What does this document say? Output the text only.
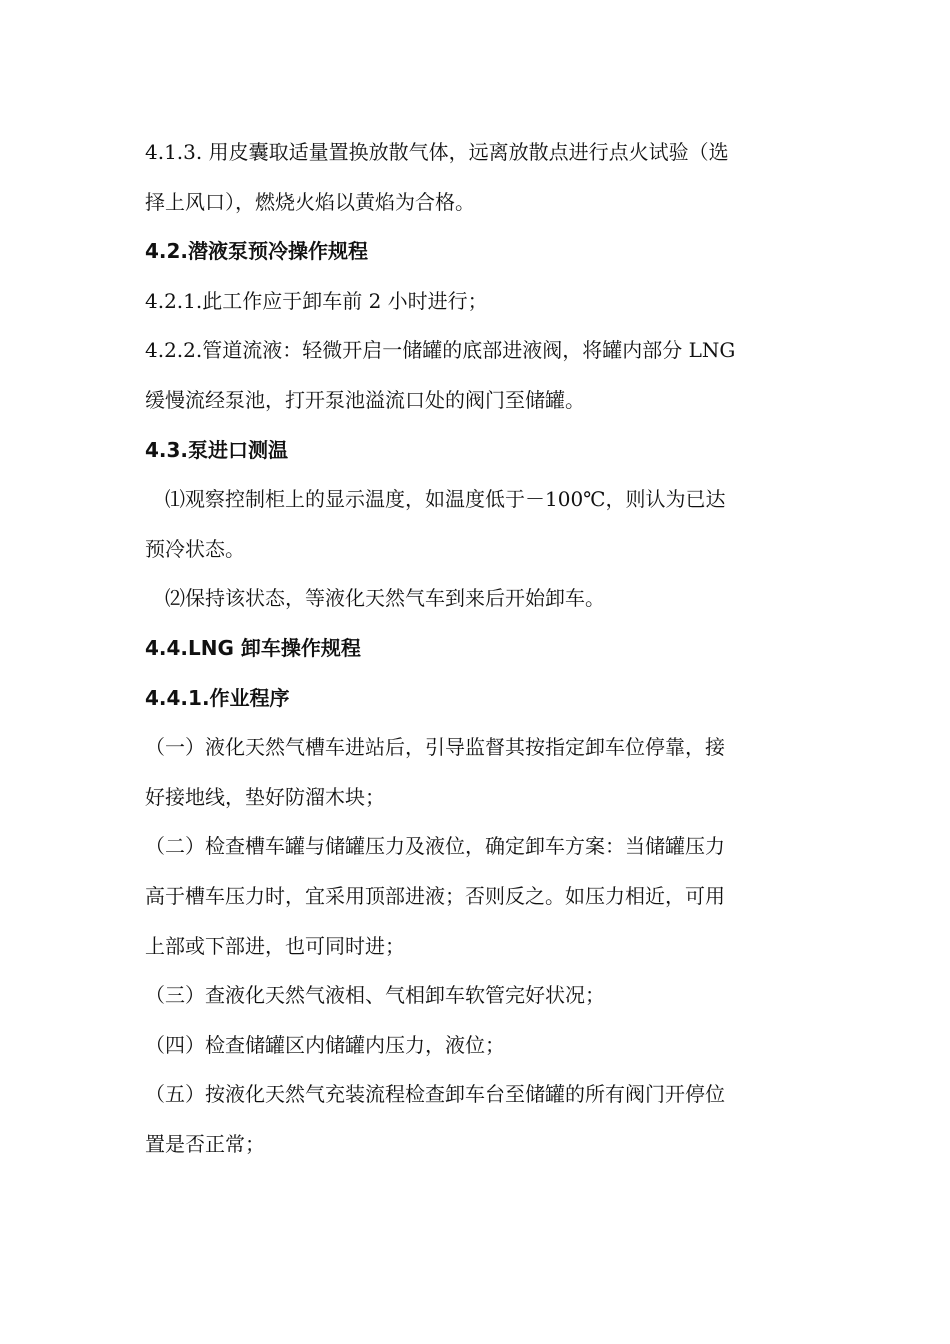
4.1.3. 用皮囊取适量置换放散气体，远离放散点进行点火试验（选

择上风口），燃烧火焰以黄焰为合格。

4.2.潜液泵预冷操作规程

4.2.1.此工作应于卸车前 2 小时进行；

4.2.2.管道流液：轻微开启一储罐的底部进液阀，将罐内部分 LNG

缓慢流经泵池，打开泵池溢流口处的阀门至储罐。

4.3.泵进口测温

⑴观察控制柜上的显示温度，如温度低于－100℃，则认为已达

预冷状态。

⑵保持该状态，等液化天然气车到来后开始卸车。

4.4.LNG 卸车操作规程

4.4.1.作业程序

（一）液化天然气槽车进站后，引导监督其按指定卸车位停靠，接

好接地线，垫好防溜木块；

（二）检查槽车罐与储罐压力及液位，确定卸车方案：当储罐压力

高于槽车压力时，宜采用顶部进液；否则反之。如压力相近，可用

上部或下部进，也可同时进；

（三）查液化天然气液相、气相卸车软管完好状况；

（四）检查储罐区内储罐内压力，液位；

（五）按液化天然气充装流程检查卸车台至储罐的所有阀门开停位

置是否正常；
